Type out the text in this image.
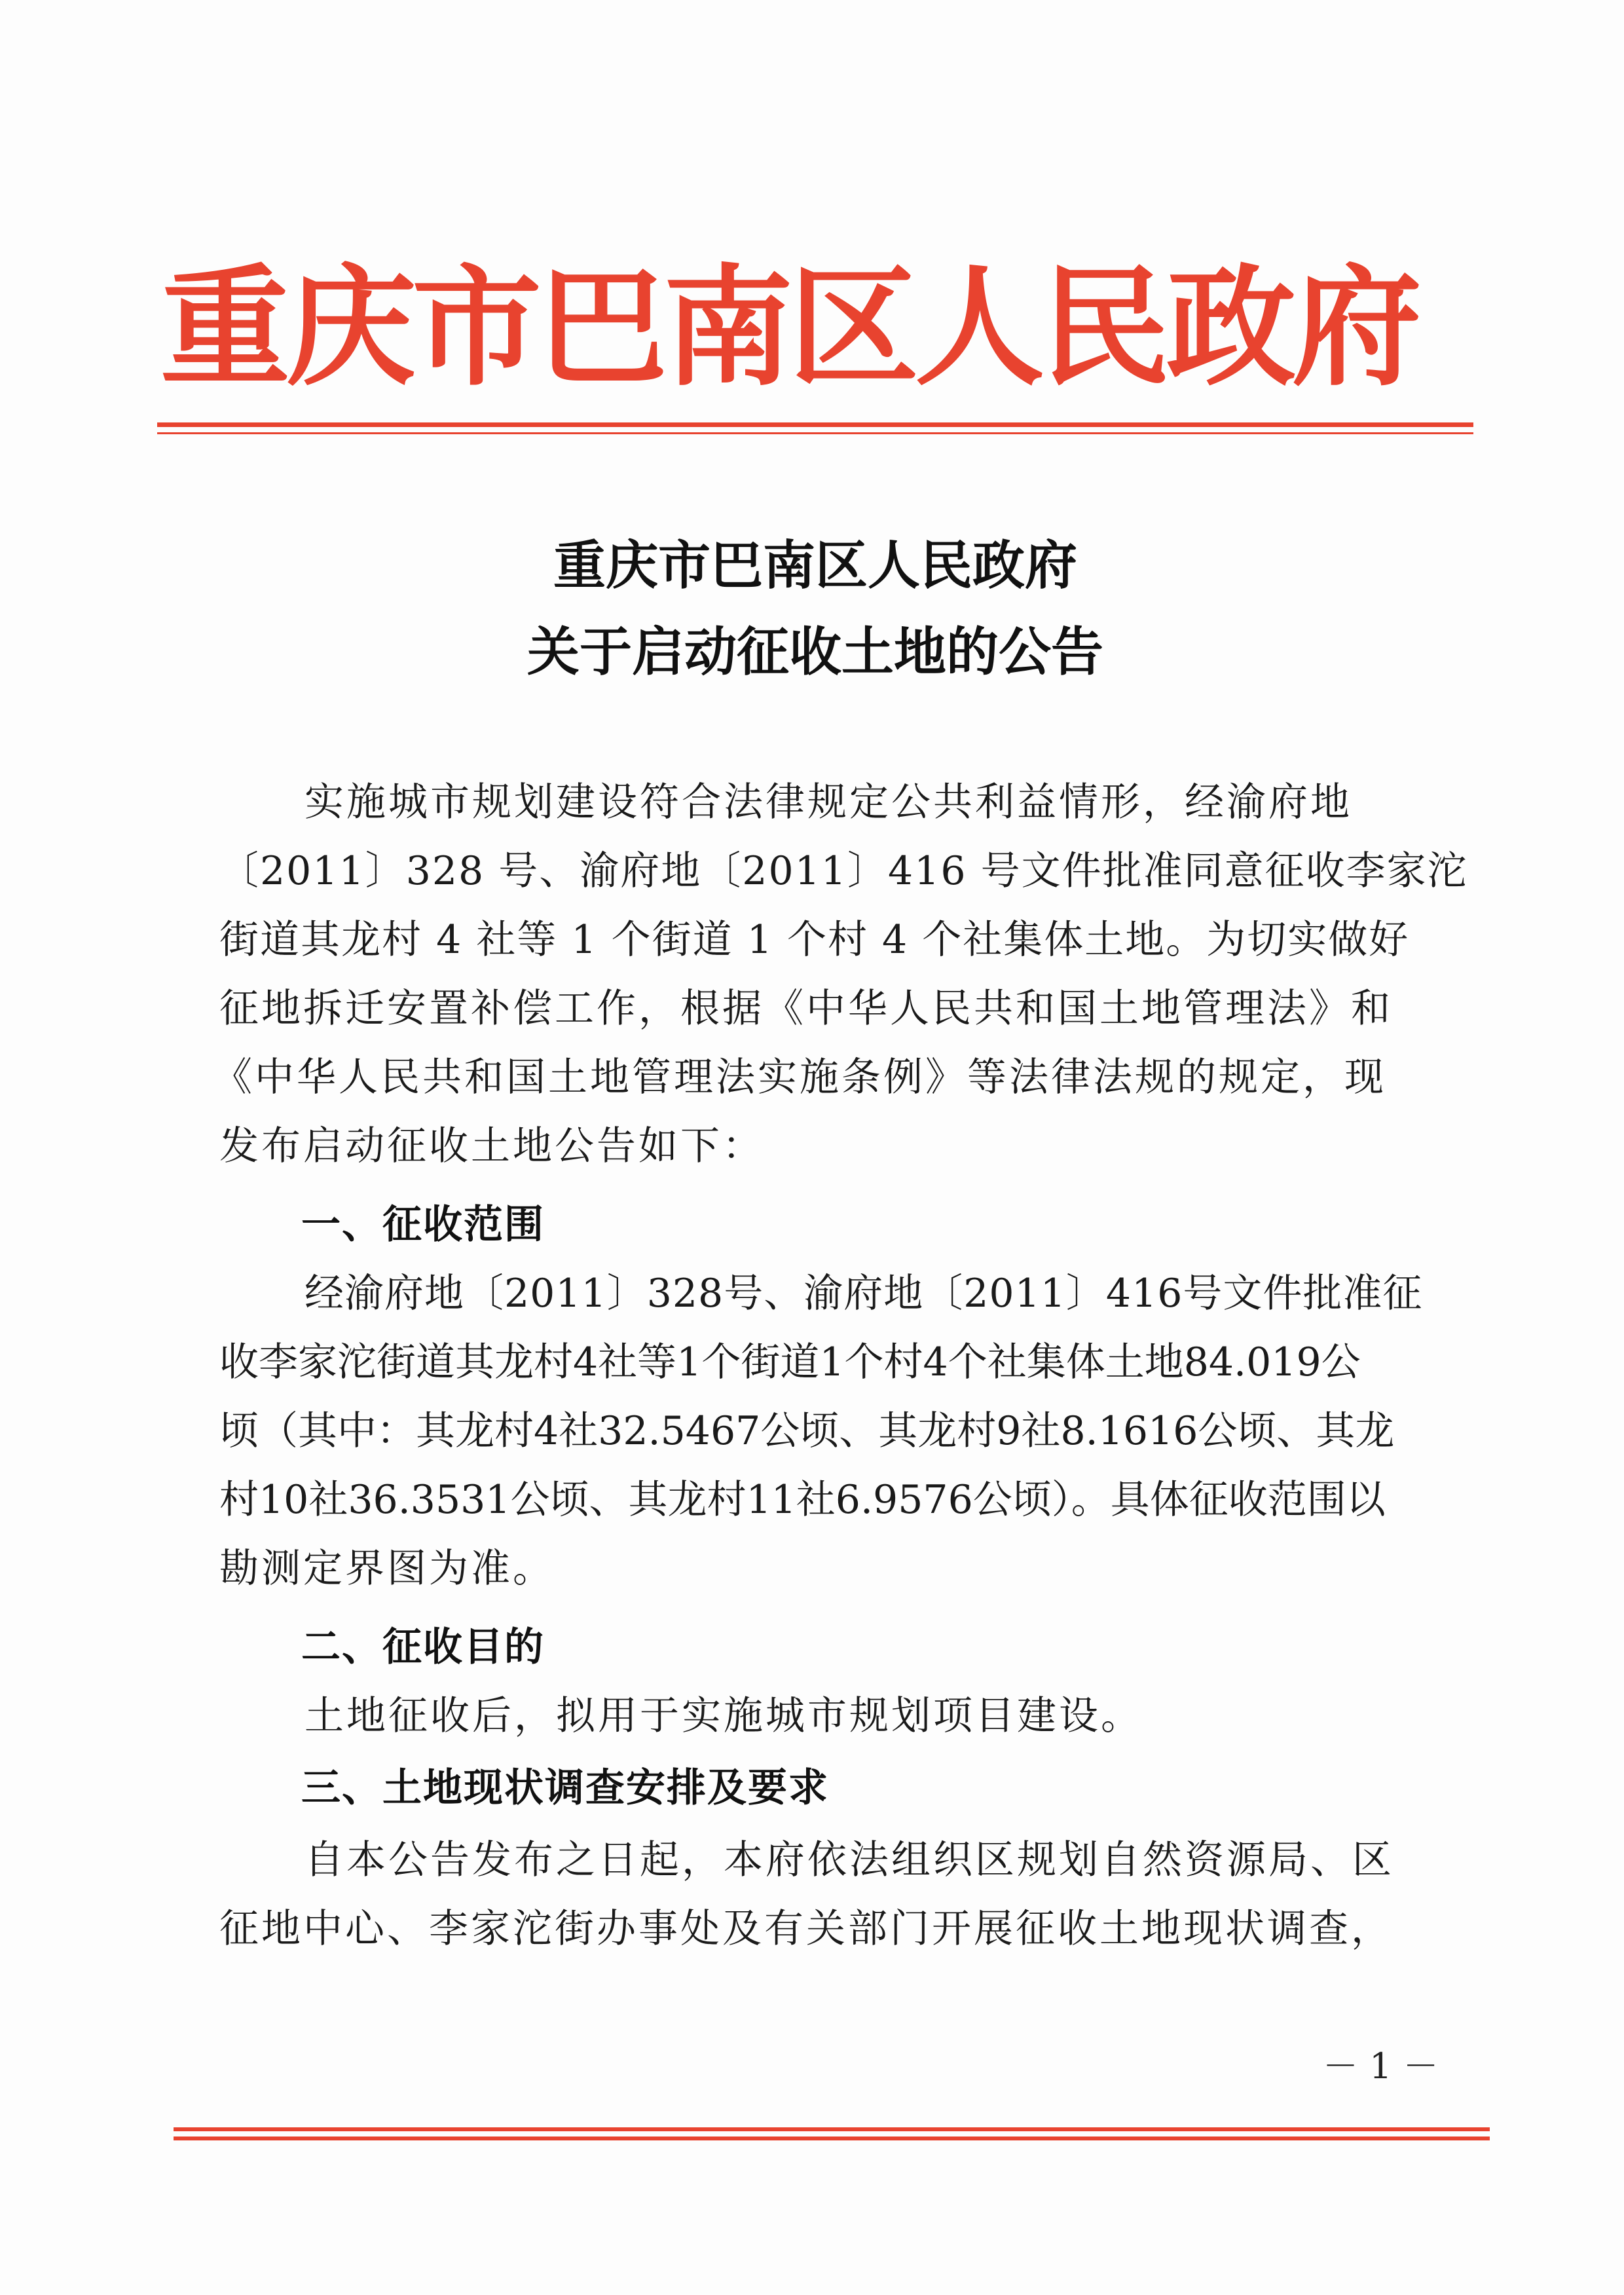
重庆市巴南区人民政府
重庆市巴南区人民政府
关于启动征收土地的公告
实施城市规划建设符合法律规定公共利益情形，经渝府地
〔2011〕328 号、渝府地〔2011〕416 号文件批准同意征收李家沱
街道其龙村 4 社等 1 个街道 1 个村 4 个社集体土地。为切实做好
征地拆迁安置补偿工作，根据《中华人民共和国土地管理法》和
《中华人民共和国土地管理法实施条例》等法律法规的规定，现
发布启动征收土地公告如下：
一、征收范围
经渝府地〔2011〕328号、渝府地〔2011〕416号文件批准征
收李家沱街道其龙村4社等1个街道1个村4个社集体土地84.019公
顷（其中：其龙村4社32.5467公顷、其龙村9社8.1616公顷、其龙
村10社36.3531公顷、其龙村11社6.9576公顷）。具体征收范围以
勘测定界图为准。
二、征收目的
土地征收后，拟用于实施城市规划项目建设。
三、土地现状调查安排及要求
自本公告发布之日起，本府依法组织区规划自然资源局、区
征地中心、李家沱街办事处及有关部门开展征收土地现状调查，
－ 1 －
